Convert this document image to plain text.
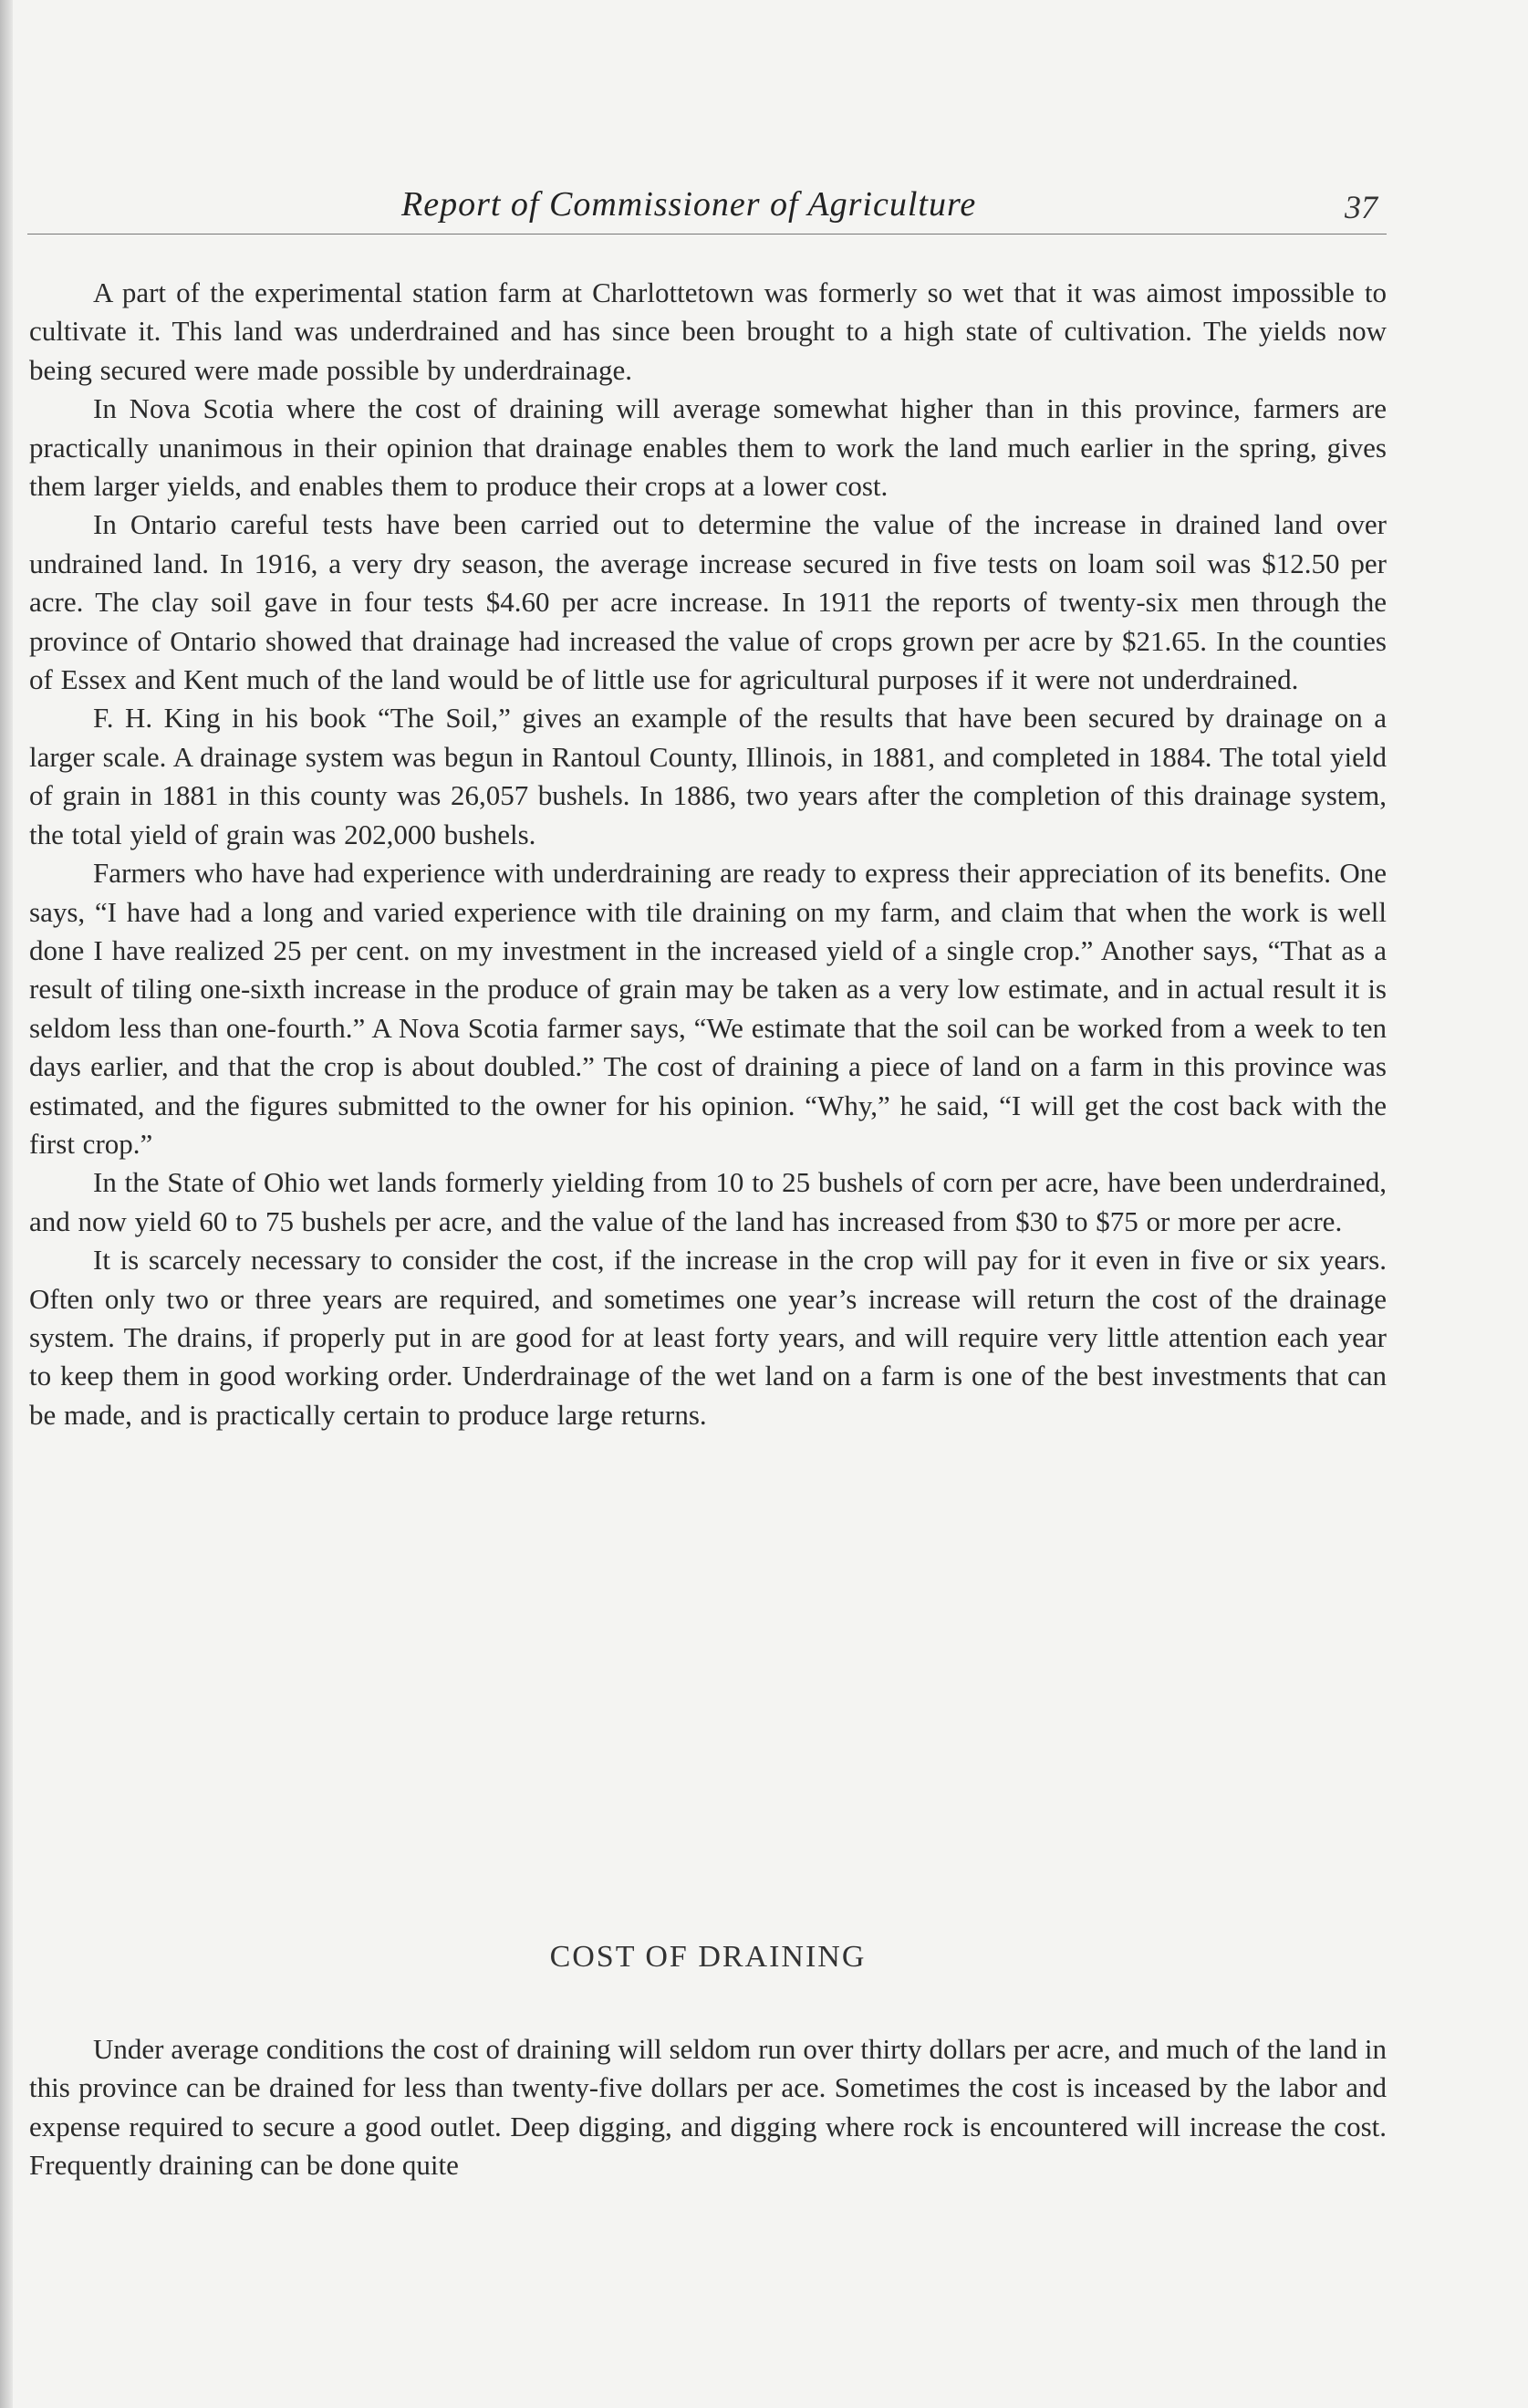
Report of Commissioner of Agriculture	37

A part of the experimental station farm at Charlottetown was formerly so wet that it was aimost impossible to cultivate it. This land was underdrained and has since been brought to a high state of cultivation. The yields now being secured were made possible by underdrainage.

In Nova Scotia where the cost of draining will average somewhat higher than in this province, farmers are practically unanimous in their opinion that drainage enables them to work the land much earlier in the spring, gives them larger yields, and enables them to produce their crops at a lower cost.

In Ontario careful tests have been carried out to determine the value of the increase in drained land over undrained land. In 1916, a very dry season, the average increase secured in five tests on loam soil was $12.50 per acre. The clay soil gave in four tests $4.60 per acre increase. In 1911 the reports of twenty-six men through the province of Ontario showed that drainage had increased the value of crops grown per acre by $21.65. In the counties of Essex and Kent much of the land would be of little use for agricultural purposes if it were not underdrained.

F. H. King in his book “The Soil,” gives an example of the results that have been secured by drainage on a larger scale. A drainage system was begun in Rantoul County, Illinois, in 1881, and completed in 1884. The total yield of grain in 1881 in this county was 26,057 bushels. In 1886, two years after the completion of this drainage system, the total yield of grain was 202,000 bushels.

Farmers who have had experience with underdraining are ready to express their appreciation of its benefits. One says, “I have had a long and varied experience with tile draining on my farm, and claim that when the work is well done I have realized 25 per cent. on my investment in the increased yield of a single crop.” Another says, “That as a result of tiling one-sixth increase in the produce of grain may be taken as a very low estimate, and in actual result it is seldom less than one-fourth.” A Nova Scotia farmer says, “We estimate that the soil can be worked from a week to ten days earlier, and that the crop is about doubled.” The cost of draining a piece of land on a farm in this province was estimated, and the figures submitted to the owner for his opinion. “Why,” he said, “I will get the cost back with the first crop.”

In the State of Ohio wet lands formerly yielding from 10 to 25 bushels of corn per acre, have been underdrained, and now yield 60 to 75 bushels per acre, and the value of the land has increased from $30 to $75 or more per acre.

It is scarcely necessary to consider the cost, if the increase in the crop will pay for it even in five or six years. Often only two or three years are required, and sometimes one year’s increase will return the cost of the drainage system. The drains, if properly put in are good for at least forty years, and will require very little attention each year to keep them in good working order. Underdrainage of the wet land on a farm is one of the best investments that can be made, and is practically certain to produce large returns.

COST OF DRAINING

Under average conditions the cost of draining will seldom run over thirty dollars per acre, and much of the land in this province can be drained for less than twenty-five dollars per ace. Sometimes the cost is inceased by the labor and expense required to secure a good outlet. Deep digging, and digging where rock is encountered will increase the cost. Frequently draining can be done quite
